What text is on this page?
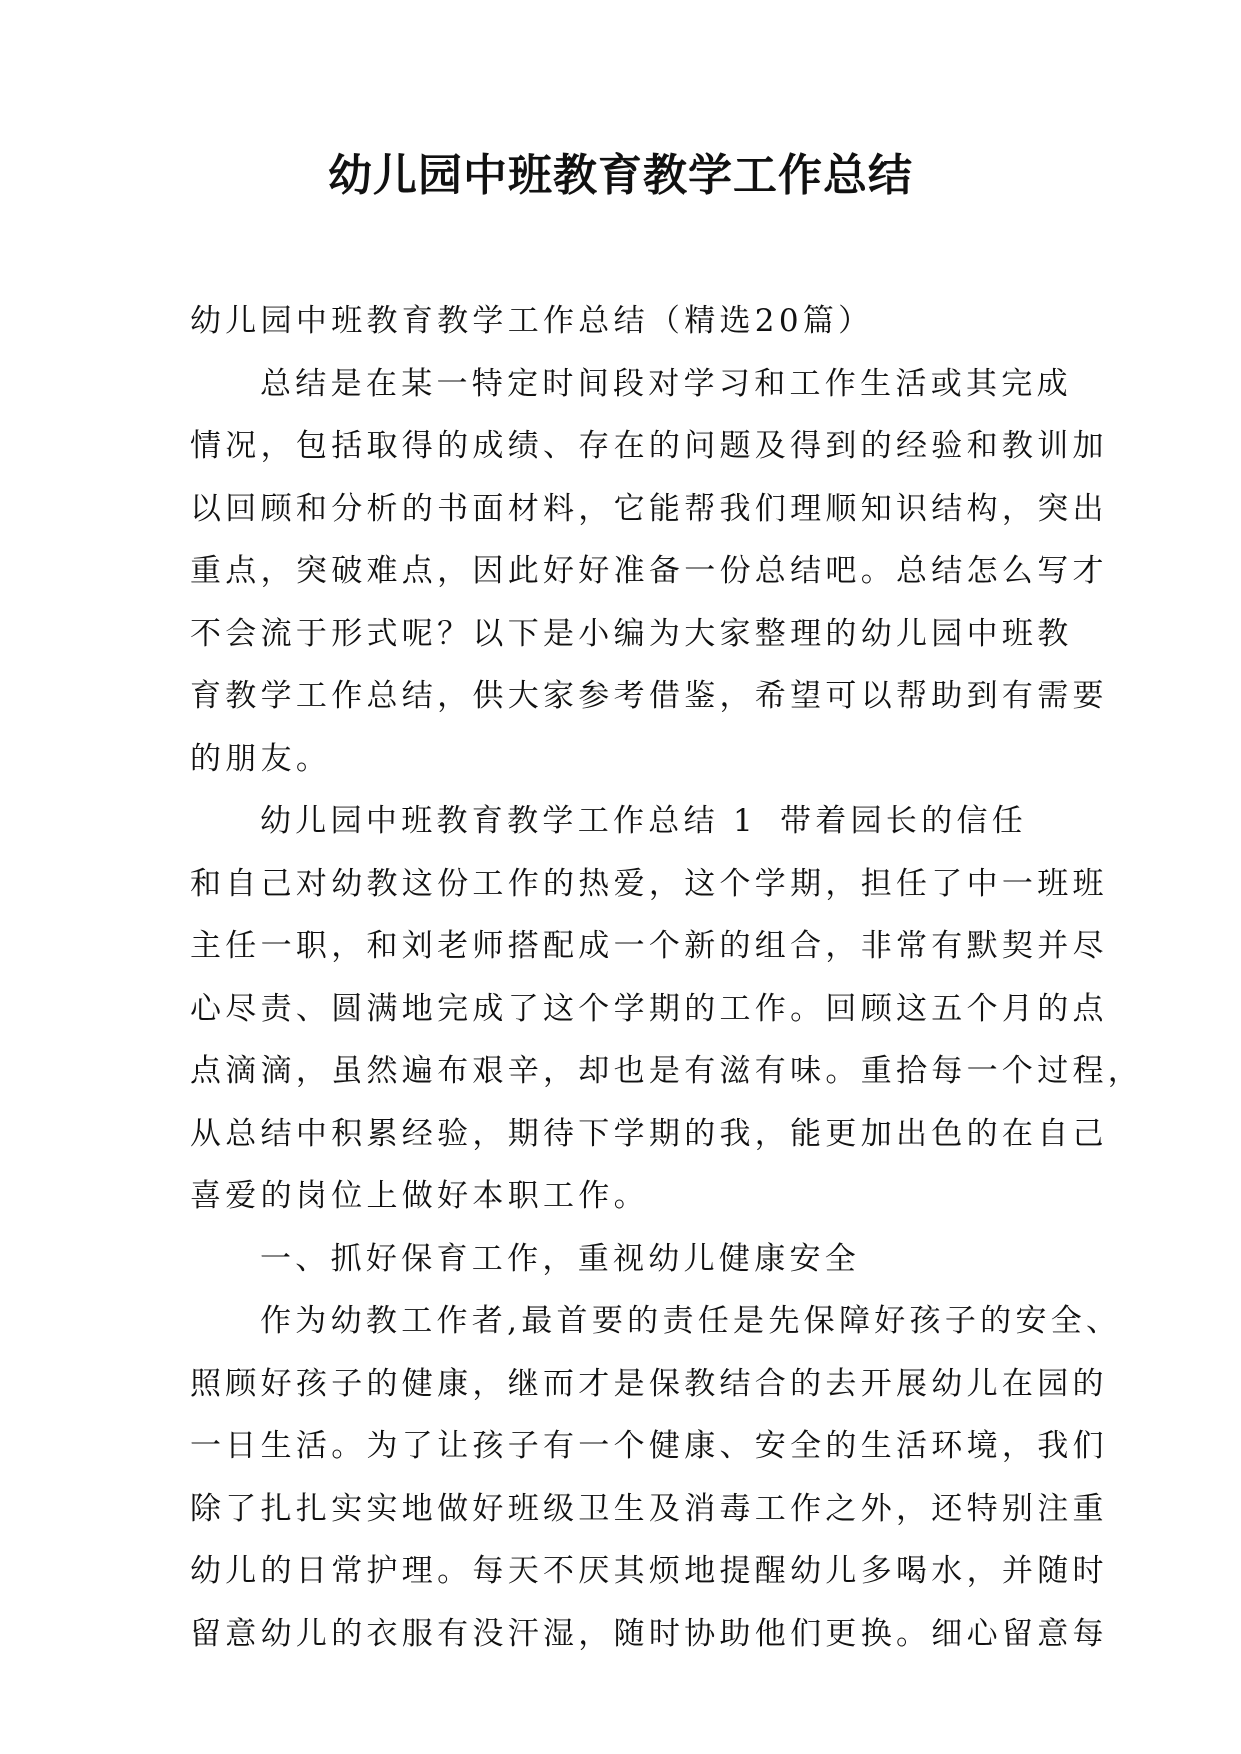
幼儿园中班教育教学工作总结
幼儿园中班教育教学工作总结（精选20篇）
总结是在某一特定时间段对学习和工作生活或其完成
情况，包括取得的成绩、存在的问题及得到的经验和教训加
以回顾和分析的书面材料，它能帮我们理顺知识结构，突出
重点，突破难点，因此好好准备一份总结吧。总结怎么写才
不会流于形式呢？以下是小编为大家整理的幼儿园中班教
育教学工作总结，供大家参考借鉴，希望可以帮助到有需要
的朋友。
幼儿园中班教育教学工作总结 1 带着园长的信任
和自己对幼教这份工作的热爱，这个学期，担任了中一班班
主任一职，和刘老师搭配成一个新的组合，非常有默契并尽
心尽责、圆满地完成了这个学期的工作。回顾这五个月的点
点滴滴，虽然遍布艰辛，却也是有滋有味。重拾每一个过程，
从总结中积累经验，期待下学期的我，能更加出色的在自己
喜爱的岗位上做好本职工作。
一、抓好保育工作，重视幼儿健康安全
作为幼教工作者,最首要的责任是先保障好孩子的安全、
照顾好孩子的健康，继而才是保教结合的去开展幼儿在园的
一日生活。为了让孩子有一个健康、安全的生活环境，我们
除了扎扎实实地做好班级卫生及消毒工作之外，还特别注重
幼儿的日常护理。每天不厌其烦地提醒幼儿多喝水，并随时
留意幼儿的衣服有没汗湿，随时协助他们更换。细心留意每
